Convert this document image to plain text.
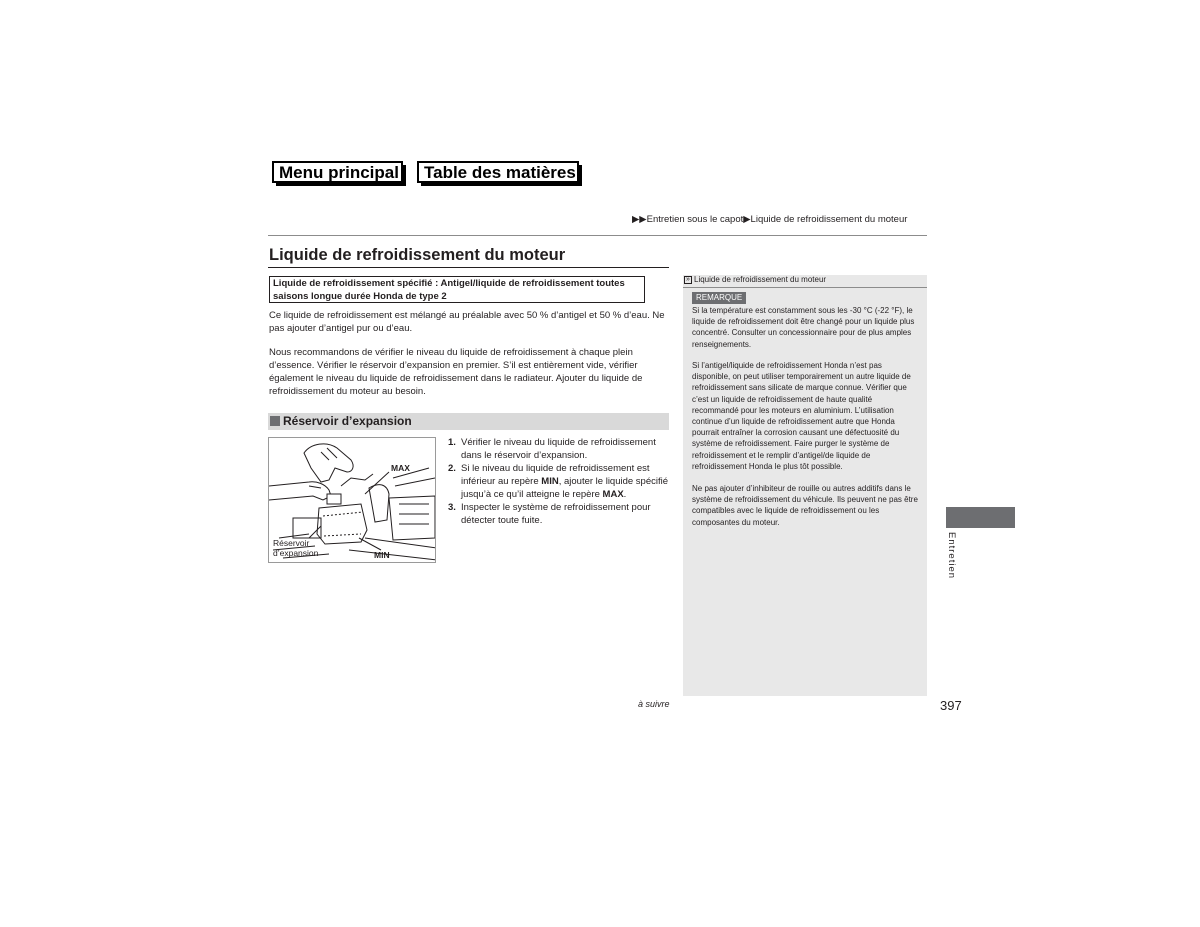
Menu principal	Table des matières
▶▶Entretien sous le capot▶Liquide de refroidissement du moteur
Liquide de refroidissement du moteur
Liquide de refroidissement spécifié : Antigel/liquide de refroidissement toutes saisons longue durée Honda de type 2
Ce liquide de refroidissement est mélangé au préalable avec 50 % d’antigel et 50 % d’eau. Ne pas ajouter d’antigel pur ou d’eau.
Nous recommandons de vérifier le niveau du liquide de refroidissement à chaque plein d’essence. Vérifier le réservoir d’expansion en premier. S’il est entièrement vide, vérifier également le niveau du liquide de refroidissement dans le radiateur. Ajouter du liquide de refroidissement du moteur au besoin.
Réservoir d’expansion
MAX
MIN
Réservoir
d’expansion
1. Vérifier le niveau du liquide de refroidissement dans le réservoir d’expansion.
2. Si le niveau du liquide de refroidissement est inférieur au repère MIN, ajouter le liquide spécifié jusqu’à ce qu’il atteigne le repère MAX.
3. Inspecter le système de refroidissement pour détecter toute fuite.
» Liquide de refroidissement du moteur
REMARQUE
Si la température est constamment sous les -30 °C (-22 °F), le liquide de refroidissement doit être changé pour un liquide plus concentré. Consulter un concessionnaire pour de plus amples renseignements.
Si l’antigel/liquide de refroidissement Honda n’est pas disponible, on peut utiliser temporairement un autre liquide de refroidissement sans silicate de marque connue. Vérifier que c’est un liquide de refroidissement de haute qualité recommandé pour les moteurs en aluminium. L’utilisation continue d’un liquide de refroidissement autre que Honda pourrait entraîner la corrosion causant une défectuosité du système de refroidissement. Faire purger le système de refroidissement et le remplir d’antigel/de liquide de refroidissement Honda le plus tôt possible.
Ne pas ajouter d’inhibiteur de rouille ou autres additifs dans le système de refroidissement du véhicule. Ils peuvent ne pas être compatibles avec le liquide de refroidissement ou les composantes du moteur.
Entretien
à suivre	397
